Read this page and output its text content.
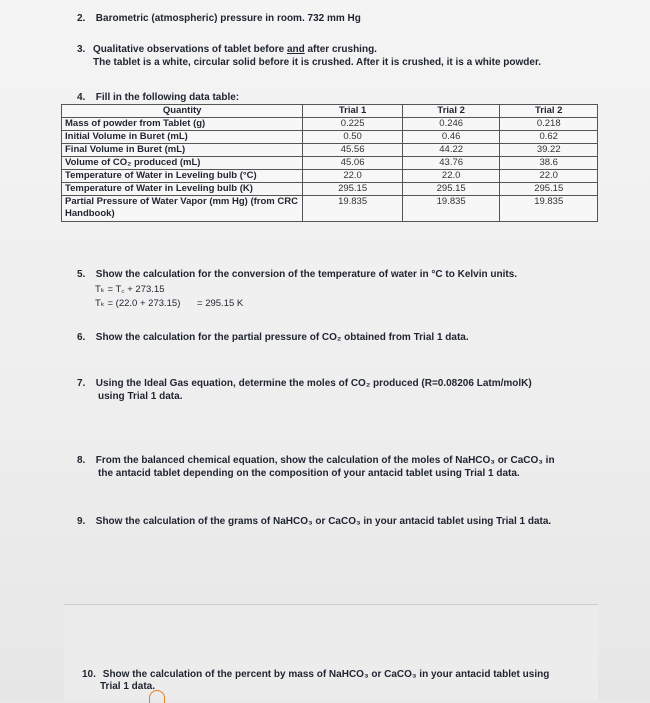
2. Barometric (atmospheric) pressure in room. 732 mm Hg
3. Qualitative observations of tablet before and after crushing.
The tablet is a white, circular solid before it is crushed. After it is crushed, it is a white powder.
4. Fill in the following data table:
Quantity	Trial 1	Trial 2	Trial 2
Mass of powder from Tablet (g)	0.225	0.246	0.218
Initial Volume in Buret (mL)	0.50	0.46	0.62
Final Volume in Buret (mL)	45.56	44.22	39.22
Volume of CO₂ produced (mL)	45.06	43.76	38.6
Temperature of Water in Leveling bulb (°C)	22.0	22.0	22.0
Temperature of Water in Leveling bulb (K)	295.15	295.15	295.15
Partial Pressure of Water Vapor (mm Hg) (from CRC Handbook)	19.835	19.835	19.835
5. Show the calculation for the conversion of the temperature of water in °C to Kelvin units.
Tₖ = T꜀ + 273.15
Tₖ = (22.0 + 273.15) = 295.15 K
6. Show the calculation for the partial pressure of CO₂ obtained from Trial 1 data.
7. Using the Ideal Gas equation, determine the moles of CO₂ produced (R=0.08206 Latm/molK)
using Trial 1 data.
8. From the balanced chemical equation, show the calculation of the moles of NaHCO₃ or CaCO₃ in
the antacid tablet depending on the composition of your antacid tablet using Trial 1 data.
9. Show the calculation of the grams of NaHCO₃ or CaCO₃ in your antacid tablet using Trial 1 data.
10. Show the calculation of the percent by mass of NaHCO₃ or CaCO₃ in your antacid tablet using
Trial 1 data.
